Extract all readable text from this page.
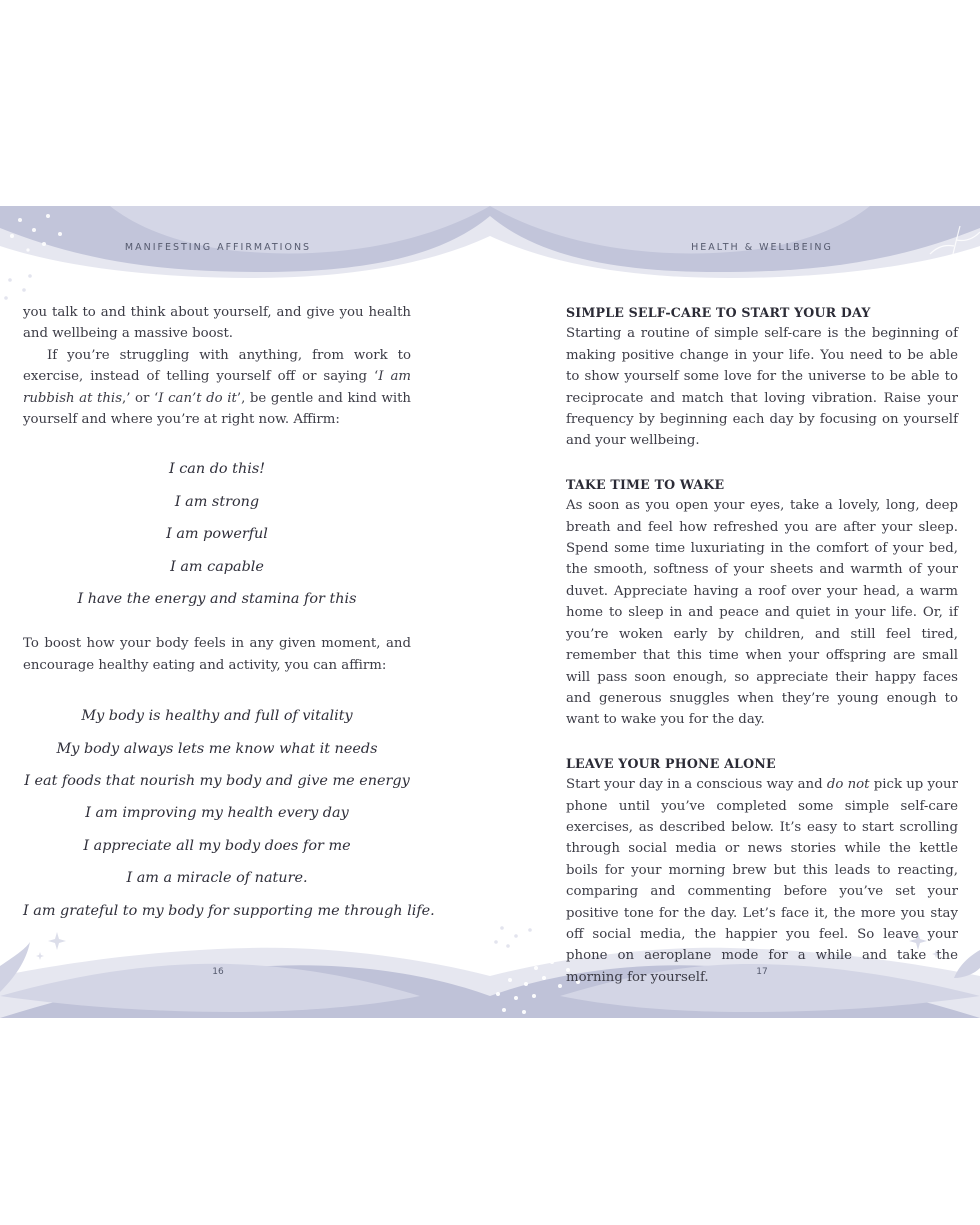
MANIFESTING AFFIRMATIONS

you talk to and think about yourself, and give you health and wellbeing a massive boost.

If you’re struggling with anything, from work to exercise, instead of telling yourself off or saying ‘I am rubbish at this,’ or ‘I can’t do it’, be gentle and kind with yourself and where you’re at right now. Affirm:

I can do this!
I am strong
I am powerful
I am capable
I have the energy and stamina for this

To boost how your body feels in any given moment, and encourage healthy eating and activity, you can affirm:

My body is healthy and full of vitality
My body always lets me know what it needs
I eat foods that nourish my body and give me energy
I am improving my health every day
I appreciate all my body does for me
I am a miracle of nature.
I am grateful to my body for supporting me through life.
16
HEALTH & WELLBEING
SIMPLE SELF-CARE TO START YOUR DAY

Starting a routine of simple self-care is the beginning of making positive change in your life. You need to be able to show yourself some love for the universe to be able to reciprocate and match that loving vibration. Raise your frequency by beginning each day by focusing on yourself and your wellbeing.

TAKE TIME TO WAKE

As soon as you open your eyes, take a lovely, long, deep breath and feel how refreshed you are after your sleep. Spend some time luxuriating in the comfort of your bed, the smooth, softness of your sheets and warmth of your duvet. Appreciate having a roof over your head, a warm home to sleep in and peace and quiet in your life. Or, if you’re woken early by children, and still feel tired, remember that this time when your offspring are small will pass soon enough, so appreciate their happy faces and generous snuggles when they’re young enough to want to wake you for the day.

LEAVE YOUR PHONE ALONE

Start your day in a conscious way and do not pick up your phone until you’ve completed some simple self-care exercises, as described below. It’s easy to start scrolling through social media or news stories while the kettle boils for your morning brew but this leads to reacting, comparing and commenting before you’ve set your positive tone for the day. Let’s face it, the more you stay off social media, the happier you feel. So leave your phone on aeroplane mode for a while and take the morning for yourself.	17
